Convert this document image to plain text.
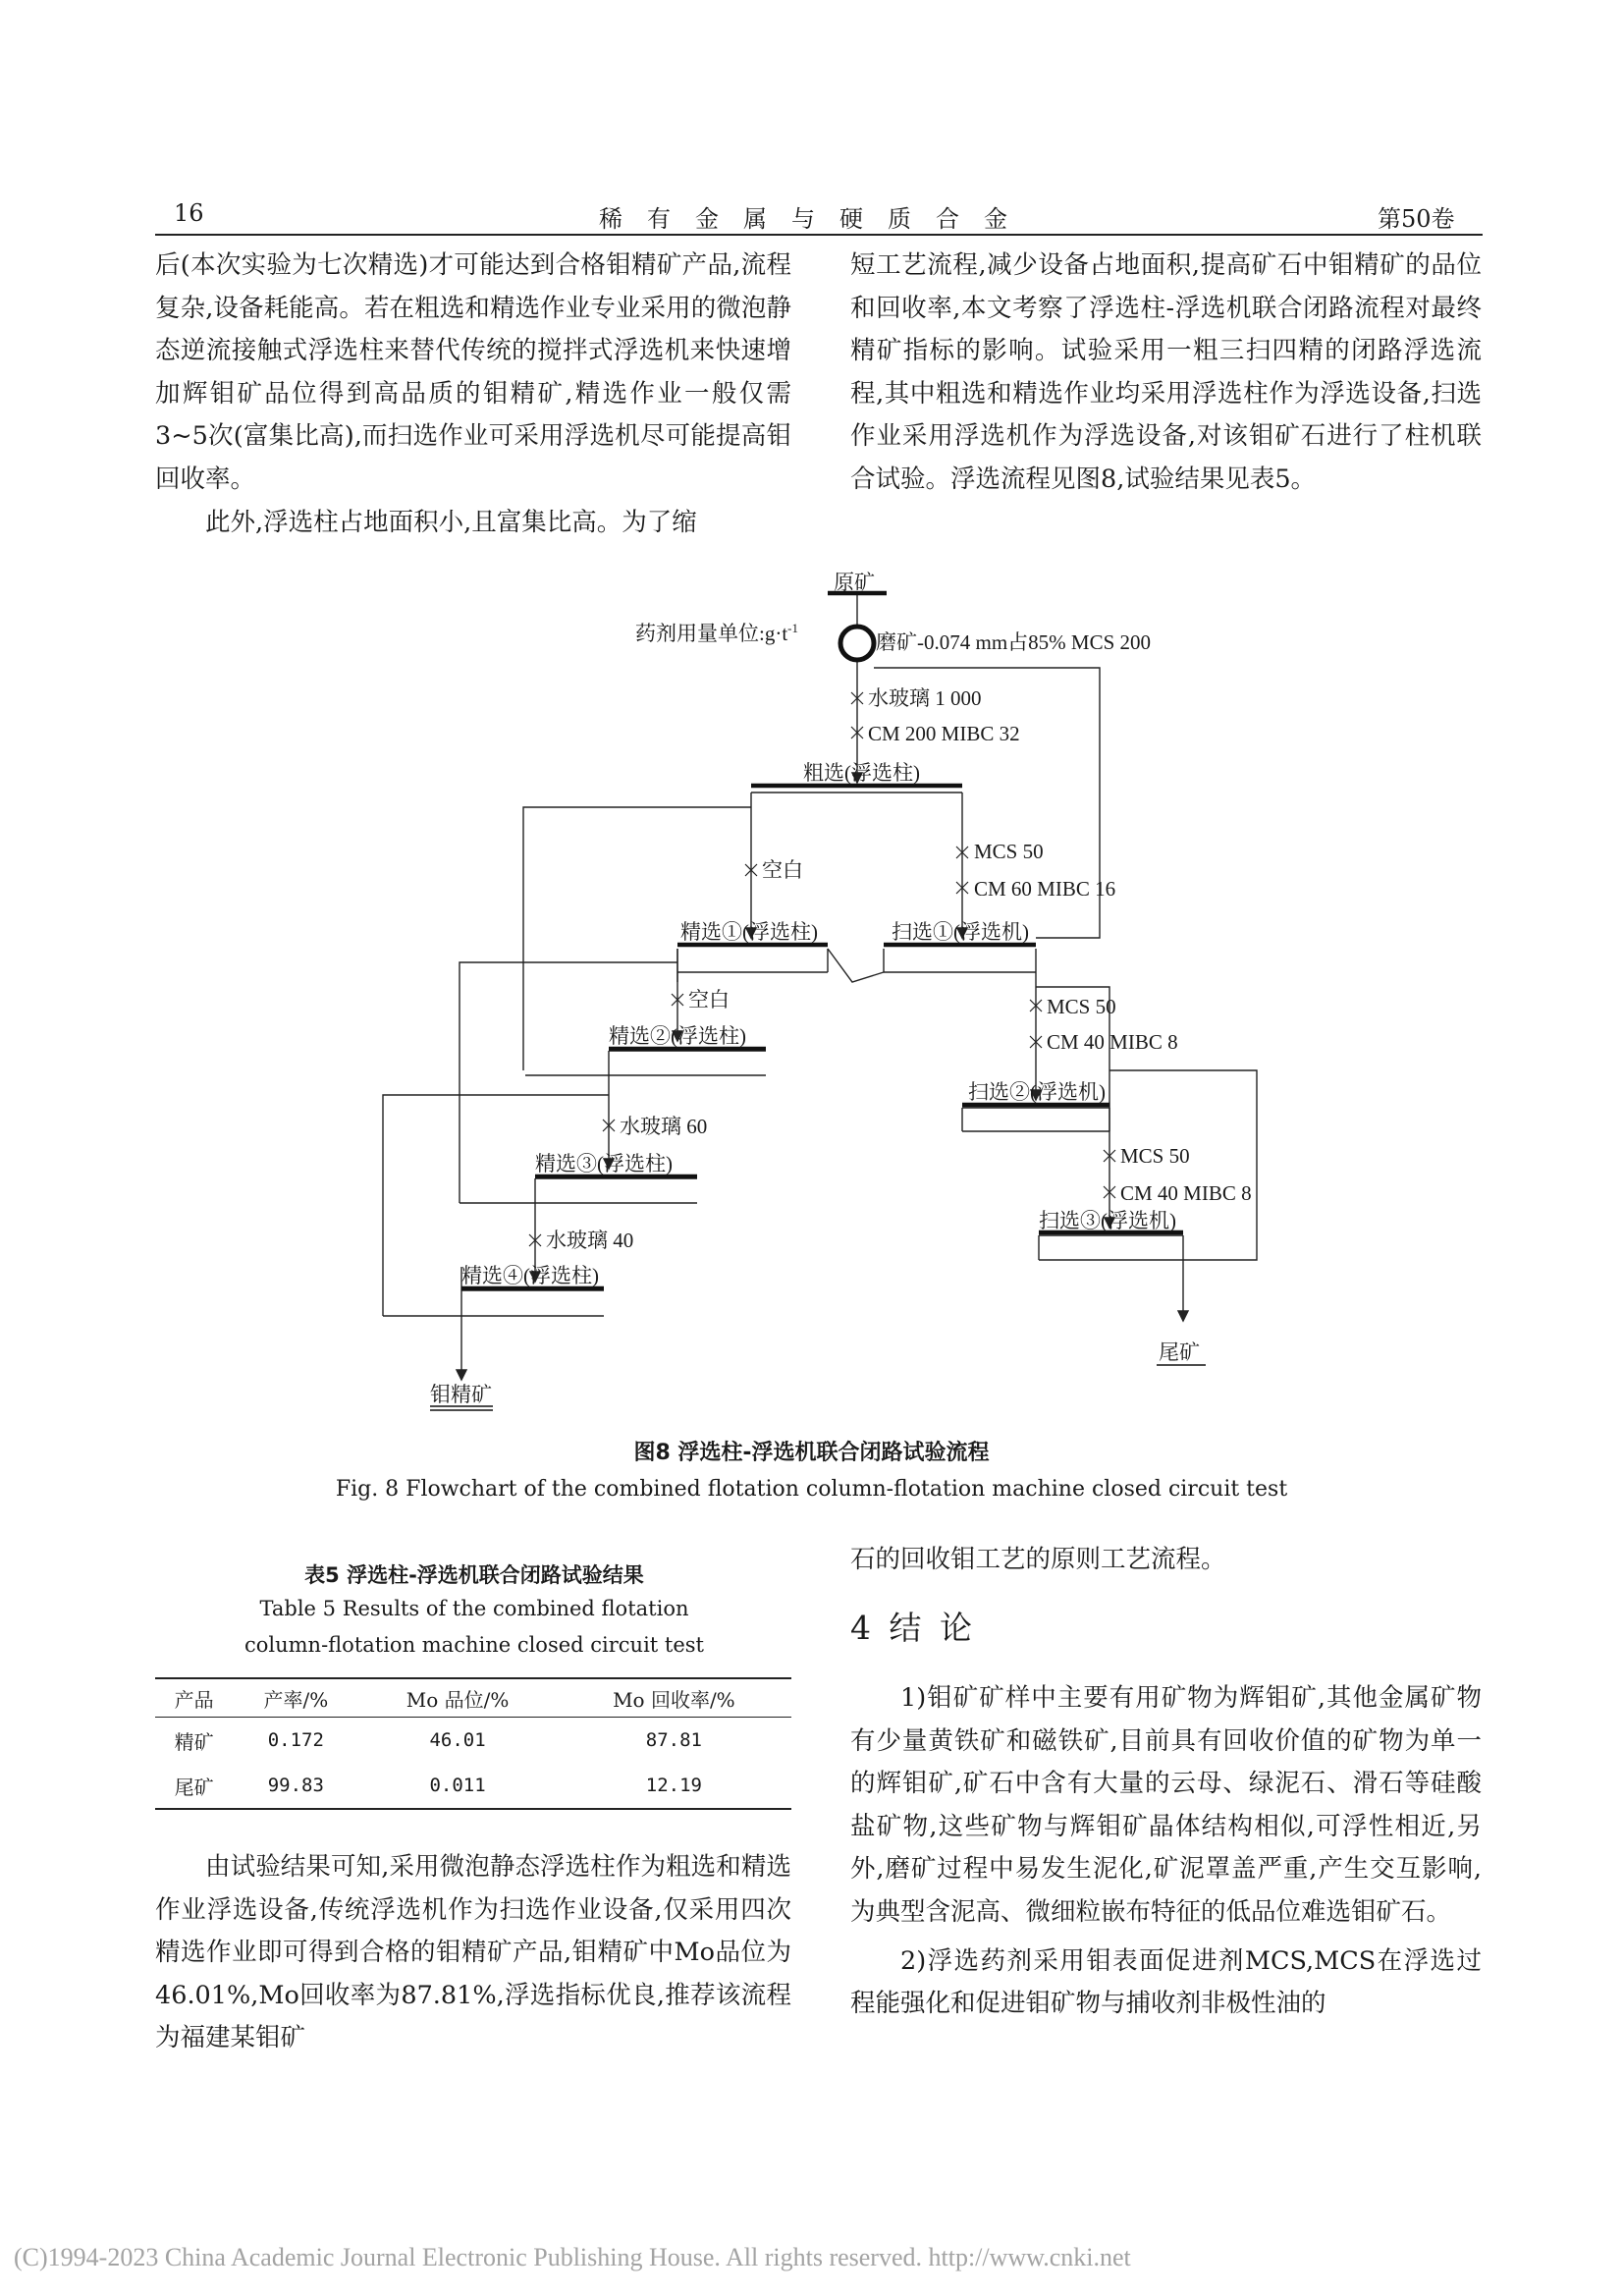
16	稀有金属与硬质合金	第50卷

后(本次实验为七次精选)才可能达到合格钼精矿产品,流程复杂,设备耗能高。若在粗选和精选作业专业采用的微泡静态逆流接触式浮选柱来替代传统的搅拌式浮选机来快速增加辉钼矿品位得到高品质的钼精矿,精选作业一般仅需3~5次(富集比高),而扫选作业可采用浮选机尽可能提高钼回收率。

此外,浮选柱占地面积小,且富集比高。为了缩

短工艺流程,减少设备占地面积,提高矿石中钼精矿的品位和回收率,本文考察了浮选柱-浮选机联合闭路流程对最终精矿指标的影响。试验采用一粗三扫四精的闭路浮选流程,其中粗选和精选作业均采用浮选柱作为浮选设备,扫选作业采用浮选机作为浮选设备,对该钼矿石进行了柱机联合试验。浮选流程见图8,试验结果见表5。

原矿
药剂用量单位$:g\cdot t^{-1}$
磨矿-0.074 mm占85% MCS 200
水玻璃 1 000
CM 200 MIBC 32
粗选(浮选柱)
空白
MCS 50
CM 60 MIBC 16
精选①(浮选柱)	扫选①(浮选机)
空白	MCS 50
CM 40 MIBC 8
精选②(浮选柱)
扫选②(浮选机)
水玻璃 60
MCS 50
CM 40 MIBC 8
精选③(浮选柱)
扫选③(浮选机)
水玻璃 40
精选④(浮选柱)
尾矿
钼精矿
图8 浮选柱-浮选机联合闭路试验流程
Fig. 8 Flowchart of the combined flotation column-flotation machine closed circuit test
表5 浮选柱-浮选机联合闭路试验结果
Table 5 Results of the combined flotation
column-flotation machine closed circuit test
产品	产率/%	Mo 品位/%	Mo 回收率/%
精矿	0.172	46.01	87.81
尾矿	99.83	0.011	12.19

由试验结果可知,采用微泡静态浮选柱作为粗选和精选作业浮选设备,传统浮选机作为扫选作业设备,仅采用四次精选作业即可得到合格的钼精矿产品,钼精矿中Mo品位为46.01%,Mo回收率为87.81%,浮选指标优良,推荐该流程为福建某钼矿

石的回收钼工艺的原则工艺流程。

4 结 论

1)钼矿矿样中主要有用矿物为辉钼矿,其他金属矿物有少量黄铁矿和磁铁矿,目前具有回收价值的矿物为单一的辉钼矿,矿石中含有大量的云母、绿泥石、滑石等硅酸盐矿物,这些矿物与辉钼矿晶体结构相似,可浮性相近,另外,磨矿过程中易发生泥化,矿泥罩盖严重,产生交互影响,为典型含泥高、微细粒嵌布特征的低品位难选钼矿石。

2)浮选药剂采用钼表面促进剂MCS,MCS在浮选过程能强化和促进钼矿物与捕收剂非极性油的

(C)1994-2023 China Academic Journal Electronic Publishing House. All rights reserved. http://www.cnki.net
